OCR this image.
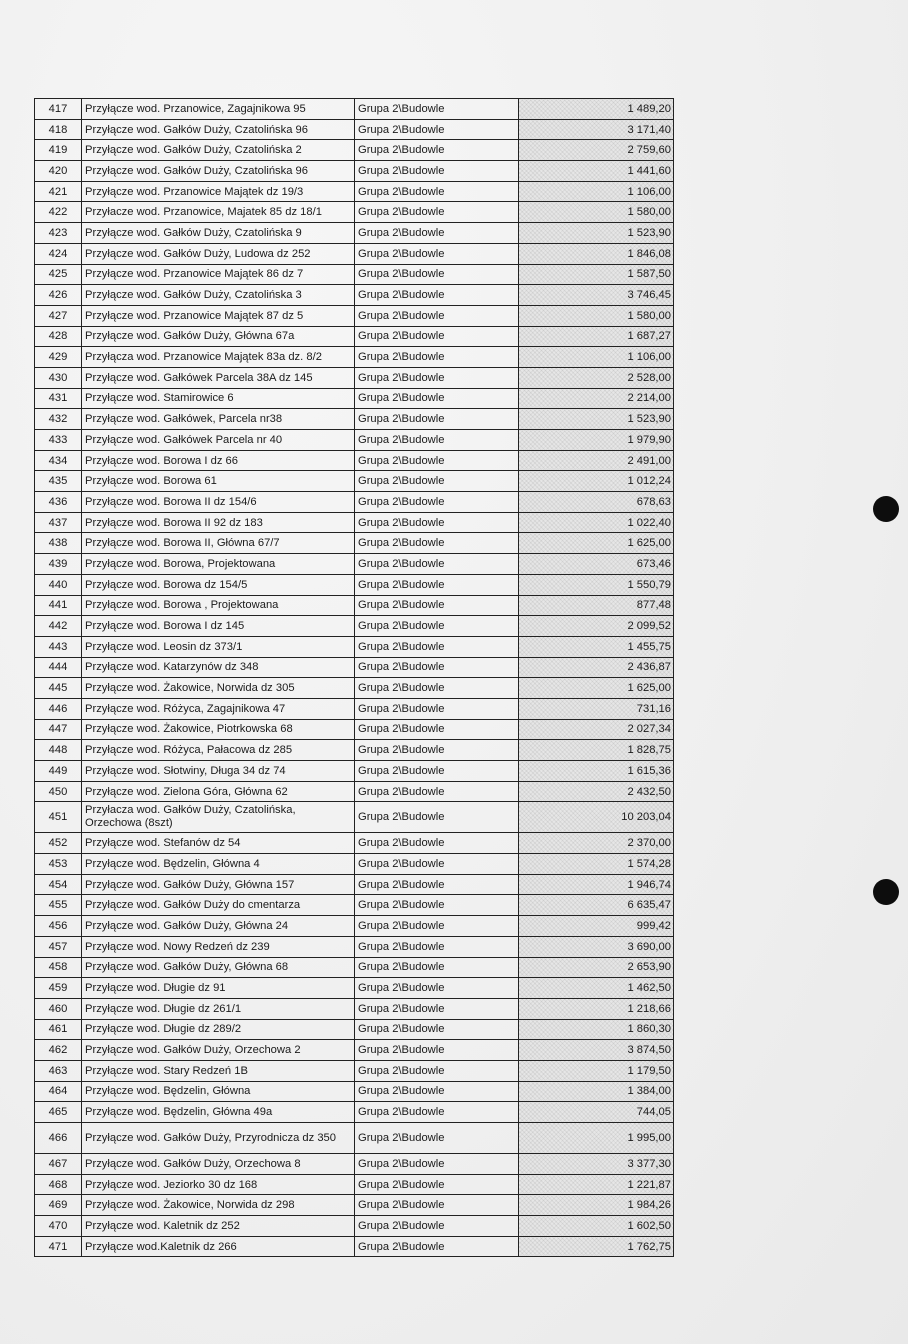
417	Przyłącze wod. Przanowice, Zagajnikowa 95	Grupa 2\Budowle	1 489,20
418	Przyłącze wod. Gałków Duży, Czatolińska 96	Grupa 2\Budowle	3 171,40
419	Przyłącze wod. Gałków Duży, Czatolińska 2	Grupa 2\Budowle	2 759,60
420	Przyłącze wod. Gałków Duży, Czatolińska 96	Grupa 2\Budowle	1 441,60
421	Przyłącze wod. Przanowice Majątek dz 19/3	Grupa 2\Budowle	1 106,00
422	Przyłacze wod. Przanowice, Majatek 85 dz 18/1	Grupa 2\Budowle	1 580,00
423	Przyłącze wod. Gałków Duży, Czatolińska 9	Grupa 2\Budowle	1 523,90
424	Przyłącze wod. Gałków Duży, Ludowa dz 252	Grupa 2\Budowle	1 846,08
425	Przyłącze wod. Przanowice Majątek 86 dz 7	Grupa 2\Budowle	1 587,50
426	Przyłącze wod. Gałków Duży, Czatolińska 3	Grupa 2\Budowle	3 746,45
427	Przyłącze wod. Przanowice Majątek 87 dz 5	Grupa 2\Budowle	1 580,00
428	Przyłącze wod. Gałków Duży, Główna 67a	Grupa 2\Budowle	1 687,27
429	Przyłącza wod. Przanowice Majątek 83a dz. 8/2	Grupa 2\Budowle	1 106,00
430	Przyłącze wod. Gałkówek Parcela 38A dz 145	Grupa 2\Budowle	2 528,00
431	Przyłącze wod. Stamirowice 6	Grupa 2\Budowle	2 214,00
432	Przyłącze wod. Gałkówek, Parcela nr38	Grupa 2\Budowle	1 523,90
433	Przyłącze wod. Gałkówek Parcela nr 40	Grupa 2\Budowle	1 979,90
434	Przyłącze wod. Borowa I dz 66	Grupa 2\Budowle	2 491,00
435	Przyłącze wod. Borowa 61	Grupa 2\Budowle	1 012,24
436	Przyłącze wod. Borowa II dz 154/6	Grupa 2\Budowle	678,63
437	Przyłącze wod. Borowa II 92 dz 183	Grupa 2\Budowle	1 022,40
438	Przyłącze wod. Borowa II, Główna 67/7	Grupa 2\Budowle	1 625,00
439	Przyłącze wod. Borowa, Projektowana	Grupa 2\Budowle	673,46
440	Przyłącze wod. Borowa dz 154/5	Grupa 2\Budowle	1 550,79
441	Przyłącze wod. Borowa , Projektowana	Grupa 2\Budowle	877,48
442	Przyłącze wod. Borowa I dz 145	Grupa 2\Budowle	2 099,52
443	Przyłącze wod. Leosin dz 373/1	Grupa 2\Budowle	1 455,75
444	Przyłącze wod. Katarzynów dz 348	Grupa 2\Budowle	2 436,87
445	Przyłącze wod. Żakowice, Norwida dz 305	Grupa 2\Budowle	1 625,00
446	Przyłącze wod. Różyca, Zagajnikowa 47	Grupa 2\Budowle	731,16
447	Przyłącze wod. Żakowice, Piotrkowska 68	Grupa 2\Budowle	2 027,34
448	Przyłącze wod. Różyca, Pałacowa dz 285	Grupa 2\Budowle	1 828,75
449	Przyłącze wod. Słotwiny, Długa 34 dz 74	Grupa 2\Budowle	1 615,36
450	Przyłącze wod. Zielona Góra, Główna 62	Grupa 2\Budowle	2 432,50
451	Przyłacza wod. Gałków Duży, Czatolińska, Orzechowa (8szt)	Grupa 2\Budowle	10 203,04
452	Przyłącze wod. Stefanów dz 54	Grupa 2\Budowle	2 370,00
453	Przyłącze wod. Będzelin, Główna 4	Grupa 2\Budowle	1 574,28
454	Przyłącze wod. Gałków Duży, Główna 157	Grupa 2\Budowle	1 946,74
455	Przyłącze wod. Gałków Duży do cmentarza	Grupa 2\Budowle	6 635,47
456	Przyłącze wod. Gałków Duży, Główna 24	Grupa 2\Budowle	999,42
457	Przyłącze wod. Nowy Redzeń dz 239	Grupa 2\Budowle	3 690,00
458	Przyłącze wod. Gałków Duży, Główna 68	Grupa 2\Budowle	2 653,90
459	Przyłącze wod. Długie dz 91	Grupa 2\Budowle	1 462,50
460	Przyłącze wod. Długie dz 261/1	Grupa 2\Budowle	1 218,66
461	Przyłącze wod. Długie dz 289/2	Grupa 2\Budowle	1 860,30
462	Przyłącze wod. Gałków Duży, Orzechowa 2	Grupa 2\Budowle	3 874,50
463	Przyłącze wod. Stary Redzeń 1B	Grupa 2\Budowle	1 179,50
464	Przyłącze wod. Będzelin, Główna	Grupa 2\Budowle	1 384,00
465	Przyłącze wod. Będzelin, Główna 49a	Grupa 2\Budowle	744,05
466	Przyłącze wod. Gałków Duży, Przyrodnicza dz 350	Grupa 2\Budowle	1 995,00
467	Przyłącze wod. Gałków Duży, Orzechowa 8	Grupa 2\Budowle	3 377,30
468	Przyłącze wod. Jeziorko 30 dz 168	Grupa 2\Budowle	1 221,87
469	Przyłącze wod. Żakowice, Norwida dz 298	Grupa 2\Budowle	1 984,26
470	Przyłącze wod. Kaletnik dz 252	Grupa 2\Budowle	1 602,50
471	Przyłącze wod.Kaletnik dz 266	Grupa 2\Budowle	1 762,75
